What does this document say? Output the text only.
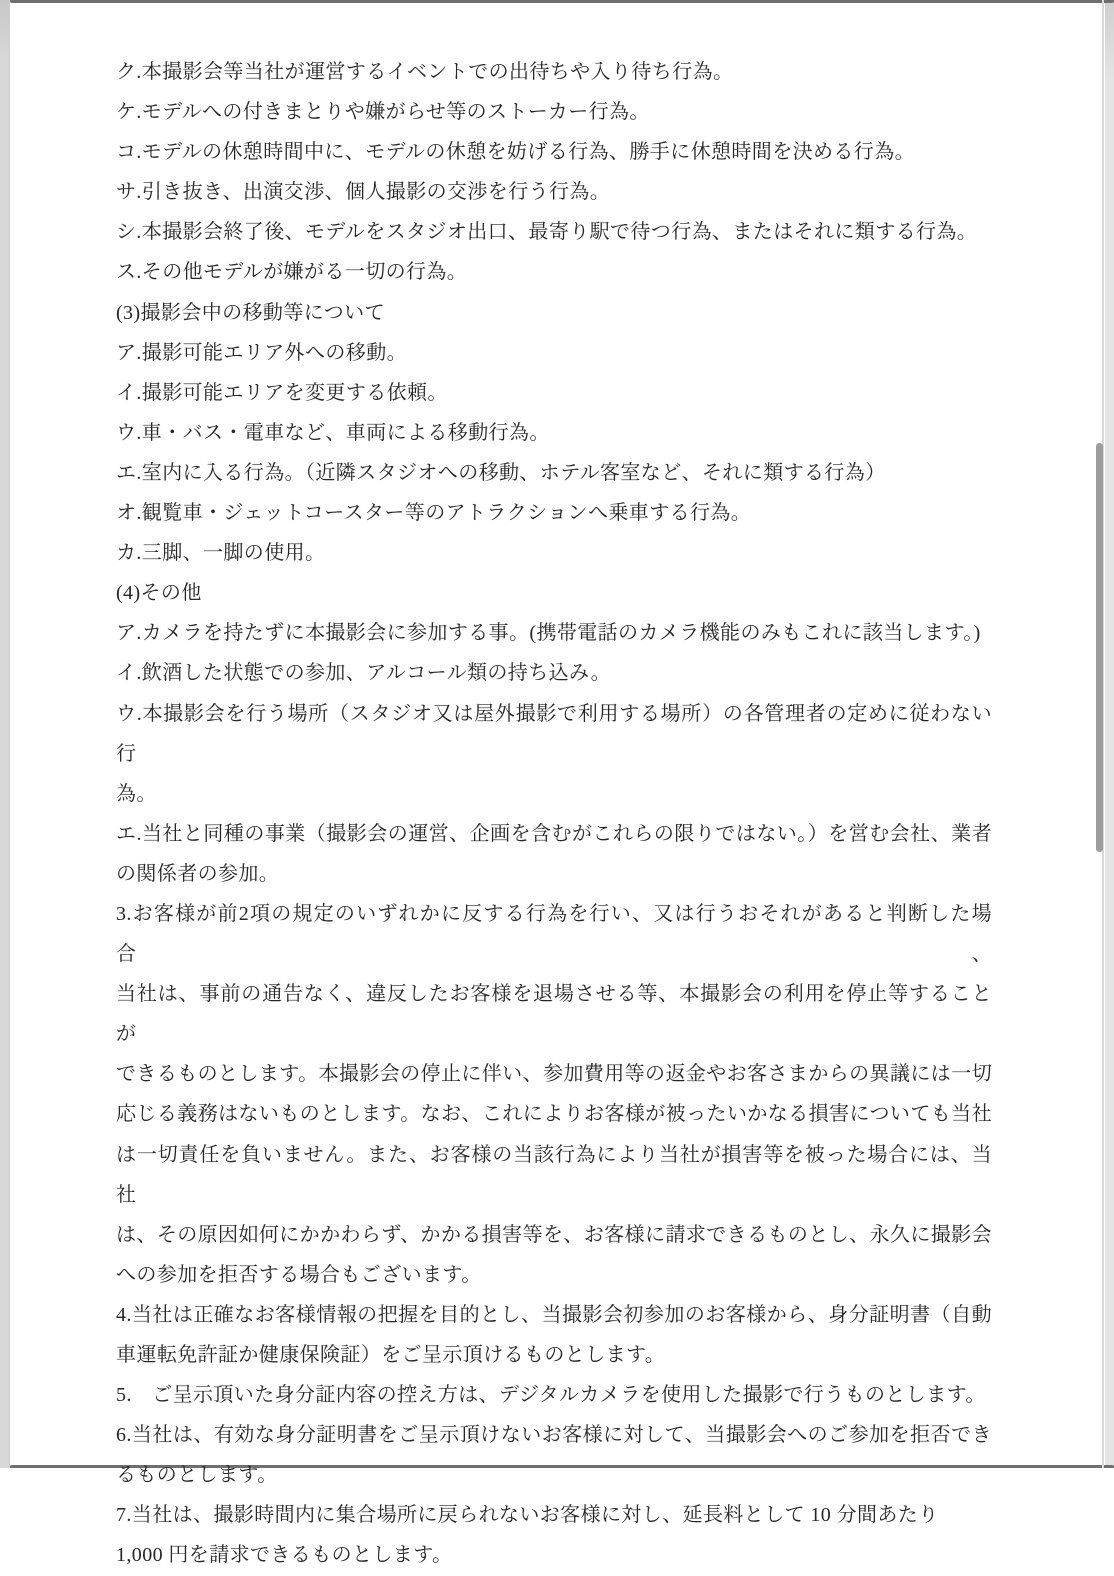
ク.本撮影会等当社が運営するイベントでの出待ちや入り待ち行為。
ケ.モデルへの付きまとりや嫌がらせ等のストーカー行為。
コ.モデルの休憩時間中に、モデルの休憩を妨げる行為、勝手に休憩時間を決める行為。
サ.引き抜き、出演交渉、個人撮影の交渉を行う行為。
シ.本撮影会終了後、モデルをスタジオ出口、最寄り駅で待つ行為、またはそれに類する行為。
ス.その他モデルが嫌がる一切の行為。
(3)撮影会中の移動等について
ア.撮影可能エリア外への移動。
イ.撮影可能エリアを変更する依頼。
ウ.車・バス・電車など、車両による移動行為。
エ.室内に入る行為。（近隣スタジオへの移動、ホテル客室など、それに類する行為）
オ.観覧車・ジェットコースター等のアトラクションへ乗車する行為。
カ.三脚、一脚の使用。
(4)その他
ア.カメラを持たずに本撮影会に参加する事。(携帯電話のカメラ機能のみもこれに該当します。)
イ.飲酒した状態での参加、アルコール類の持ち込み。
ウ.本撮影会を行う場所（スタジオ又は屋外撮影で利用する場所）の各管理者の定めに従わない行
為。
エ.当社と同種の事業（撮影会の運営、企画を含むがこれらの限りではない。）を営む会社、業者
の関係者の参加。
3.お客様が前2項の規定のいずれかに反する行為を行い、又は行うおそれがあると判断した場合、
当社は、事前の通告なく、違反したお客様を退場させる等、本撮影会の利用を停止等することが
できるものとします。本撮影会の停止に伴い、参加費用等の返金やお客さまからの異議には一切
応じる義務はないものとします。なお、これによりお客様が被ったいかなる損害についても当社
は一切責任を負いません。また、お客様の当該行為により当社が損害等を被った場合には、当社
は、その原因如何にかかわらず、かかる損害等を、お客様に請求できるものとし、永久に撮影会
への参加を拒否する場合もございます。
4.当社は正確なお客様情報の把握を目的とし、当撮影会初参加のお客様から、身分証明書（自動
車運転免許証か健康保険証）をご呈示頂けるものとします。
5.　ご呈示頂いた身分証内容の控え方は、デジタルカメラを使用した撮影で行うものとします。
6.当社は、有効な身分証明書をご呈示頂けないお客様に対して、当撮影会へのご参加を拒否でき
るものとします。
7.当社は、撮影時間内に集合場所に戻られないお客様に対し、延長料として 10 分間あたり
1,000 円を請求できるものとします。
